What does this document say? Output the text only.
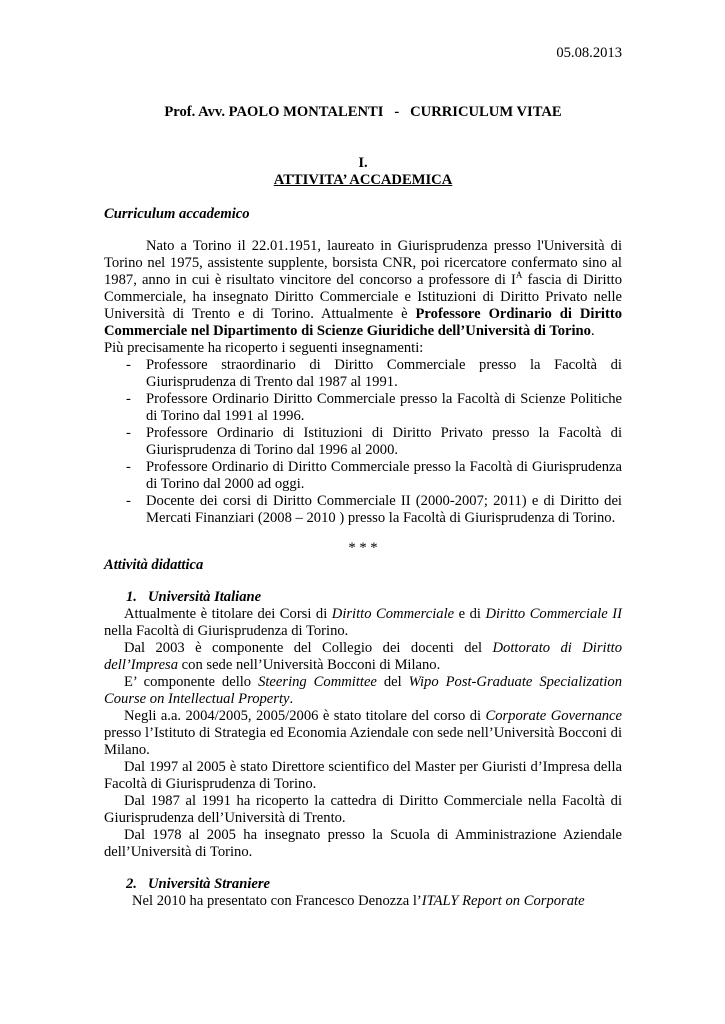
05.08.2013
Prof. Avv. PAOLO MONTALENTI   -   CURRICULUM VITAE
I.
ATTIVITA’ ACCADEMICA
Curriculum accademico

Nato a Torino il 22.01.1951, laureato in Giurisprudenza presso l'Università di Torino nel 1975, assistente supplente, borsista CNR, poi ricercatore confermato sino al 1987, anno in cui è risultato vincitore del concorso a professore di $I^A$ fascia di Diritto Commerciale, ha insegnato Diritto Commerciale e Istituzioni di Diritto Privato nelle Università di Trento e di Torino. Attualmente è Professore Ordinario di Diritto Commerciale nel Dipartimento di Scienze Giuridiche dell’Università di Torino.

Più precisamente ha ricoperto i seguenti insegnamenti:

- Professore straordinario di Diritto Commerciale presso la Facoltà di Giurisprudenza di Trento dal 1987 al 1991.
- Professore Ordinario Diritto Commerciale presso la Facoltà di Scienze Politiche di Torino dal 1991 al 1996.
- Professore Ordinario di Istituzioni di Diritto Privato presso la Facoltà di Giurisprudenza di Torino dal 1996 al 2000.
- Professore Ordinario di Diritto Commerciale presso la Facoltà di Giurisprudenza di Torino dal 2000 ad oggi.
- Docente dei corsi di Diritto Commerciale II (2000-2007; 2011) e di Diritto dei Mercati Finanziari (2008 – 2010 ) presso la Facoltà di Giurisprudenza di Torino.
* * *
Attività didattica
1. Università Italiane

Attualmente è titolare dei Corsi di Diritto Commerciale e di Diritto Commerciale II nella Facoltà di Giurisprudenza di Torino.

Dal 2003 è componente del Collegio dei docenti del Dottorato di Diritto dell’Impresa con sede nell’Università Bocconi di Milano.

E’ componente dello Steering Committee del Wipo Post-Graduate Specialization Course on Intellectual Property.

Negli a.a. 2004/2005, 2005/2006 è stato titolare del corso di Corporate Governance presso l’Istituto di Strategia ed Economia Aziendale con sede nell’Università Bocconi di Milano.

Dal 1997 al 2005 è stato Direttore scientifico del Master per Giuristi d’Impresa della Facoltà di Giurisprudenza di Torino.

Dal 1987 al 1991 ha ricoperto la cattedra di Diritto Commerciale nella Facoltà di Giurisprudenza dell’Università di Trento.

Dal 1978 al 2005 ha insegnato presso la Scuola di Amministrazione Aziendale dell’Università di Torino.

2. Università Straniere

Nel 2010 ha presentato con Francesco Denozza l’ITALY Report on Corporate
